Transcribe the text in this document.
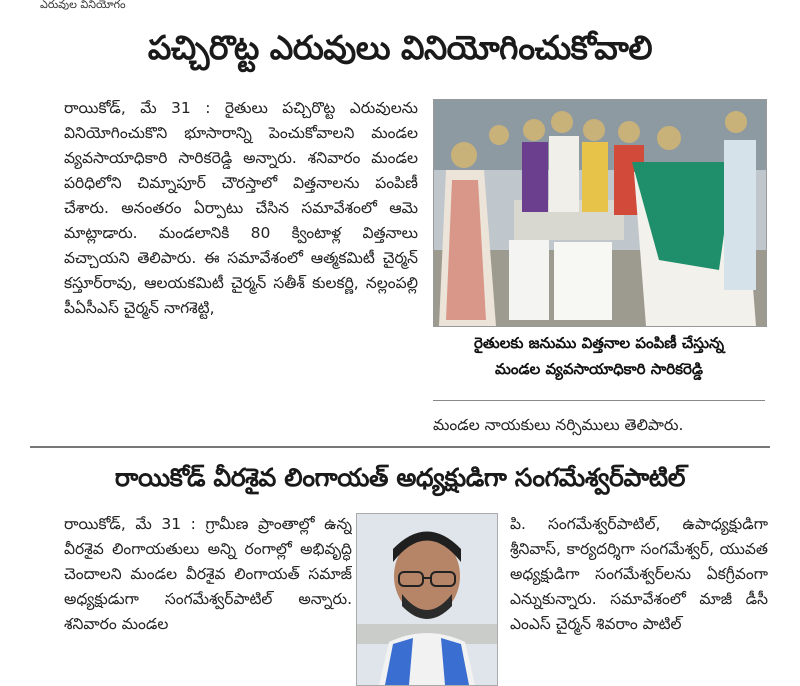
ఎరువుల వినియోగం
పచ్చిరొట్ట ఎరువులు వినియోగించుకోవాలి
రాయికోడ్, మే 31 : రైతులు పచ్చిరొట్ట ఎరువులను వినియోగించుకొని భూసారాన్ని పెంచుకోవాలని మండల వ్యవసాయాధికారి సారికరెడ్డి అన్నారు. శనివారం మండల పరిధిలోని చిమ్నాపూర్ చౌరస్తాలో విత్తనాలను పంపిణీ చేశారు. అనంతరం ఏర్పాటు చేసిన సమావేశంలో ఆమె మాట్లాడారు. మండలానికి 80 క్వింటాళ్ల విత్తనాలు వచ్చాయని తెలిపారు. ఈ సమావేశంలో ఆత్మకమిటీ చైర్మన్ కస్తూర్‌రావు, ఆలయకమిటీ చైర్మన్ సతీశ్ కులకర్ణి, నల్లంపల్లి పీఏసీఎస్ చైర్మన్ నాగశెట్టి,
రైతులకు జనుము విత్తనాల పంపిణీ చేస్తున్న
మండల వ్యవసాయాధికారి సారికరెడ్డి
మండల నాయకులు నర్సిములు తెలిపారు.
రాయికోడ్ వీరశైవ లింగాయత్ అధ్యక్షుడిగా సంగమేశ్వర్‌పాటిల్
రాయికోడ్, మే 31 : గ్రామీణ ప్రాంతాల్లో ఉన్న వీరశైవ లింగాయతులు అన్ని రంగాల్లో అభివృద్ధి చెందాలని మండల వీరశైవ లింగాయత్ సమాజ్ అధ్యక్షుడుగా సంగమేశ్వర్‌పాటిల్ అన్నారు. శనివారం మండల
పి. సంగమేశ్వర్‌పాటిల్, ఉపాధ్యక్షుడిగా శ్రీనివాస్, కార్యదర్శిగా సంగమేశ్వర్, యువత అధ్యక్షుడిగా సంగమేశ్వర్‌లను ఏకగ్రీవంగా ఎన్నుకున్నారు. సమావేశంలో మాజీ డీసీ ఎంఎస్ చైర్మన్ శివరాం పాటిల్
